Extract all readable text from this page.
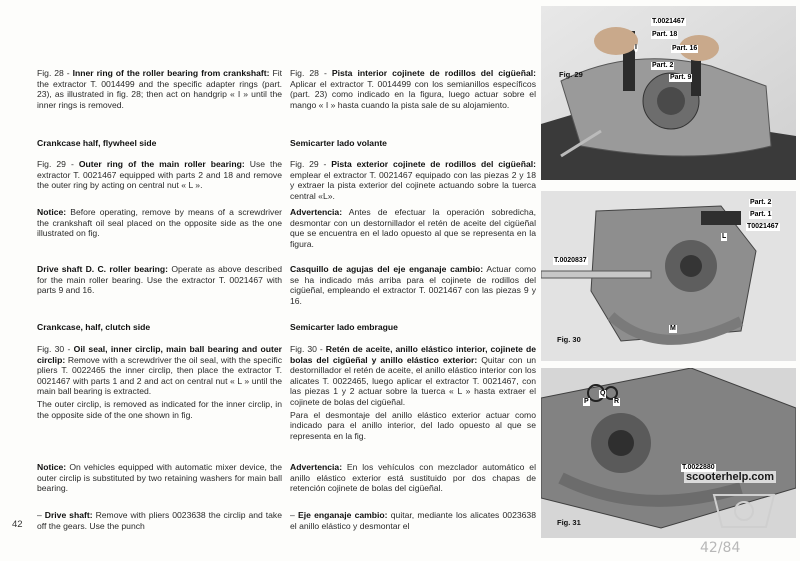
Fig. 28 - Inner ring of the roller bearing from crankshaft: Fit the extractor T. 0014499 and the specific adapter rings (part. 23), as illustrated in fig. 28; then act on handgrip « I » until the inner rings is removed.

Crankcase half, flywheel side

Fig. 29 - Outer ring of the main roller bearing: Use the extractor T. 0021467 equipped with parts 2 and 18 and remove the outer ring by acting on central nut « L ».

Notice: Before operating, remove by means of a screwdriver the crankshaft oil seal placed on the opposite side as the one illustrated on fig.

Drive shaft D. C. roller bearing: Operate as above described for the main roller bearing. Use the extractor T. 0021467 with parts 9 and 16.

Crankcase, half, clutch side

Fig. 30 - Oil seal, inner circlip, main ball bearing and outer circlip: Remove with a screwdriver the oil seal, with the specific pliers T. 0022465 the inner circlip, then place the extractor T. 0021467 with parts 1 and 2 and act on central nut « L » until the main ball bearing is extracted.

The outer circlip, is removed as indicated for the inner circlip, in the opposite side of the one shown in fig.

Notice: On vehicles equipped with automatic mixer device, the outer circlip is substituted by two retaining washers for main ball bearing.

– Drive shaft: Remove with pliers 0023638 the circlip and take off the gears. Use the punch

Fig. 28 - Pista interior cojinete de rodillos del cigüeñal: Aplicar el extractor T. 0014499 con los semianillos específicos (part. 23) como indicado en la figura, luego actuar sobre el mango « I » hasta cuando la pista sale de su alojamiento.

Semicarter lado volante

Fig. 29 - Pista exterior cojinete de rodillos del cigüeñal: emplear el extractor T. 0021467 equipado con las piezas 2 y 18 y extraer la pista exterior del cojinete actuando sobre la tuerca central «L».

Advertencia: Antes de efectuar la operación sobredicha, desmontar con un destornillador el retén de aceite del cigüeñal que se encuentra en el lado opuesto al que se representa en la figura.

Casquillo de agujas del eje enganaje cambio: Actuar como se ha indicado más arriba para el cojinete de rodillos del cigüeñal, empleando el extractor T. 0021467 con las piezas 9 y 16.

Semicarter lado embrague

Fig. 30 - Retén de aceite, anillo elástico interior, cojinete de bolas del cigüeñal y anillo elástico exterior: Quitar con un destornillador el retén de aceite, el anillo elástico interior con los alicates T. 0022465, luego aplicar el extractor T. 0021467, con las piezas 1 y 2 actuar sobre la tuerca « L » hasta extraer el cojinete de bolas del cigüeñal.

Para el desmontaje del anillo elástico exterior actuar como indicado para el anillo interior, del lado opuesto al que se representa en la fig.

Advertencia: En los vehículos con mezclador automático el anillo elástico exterior está sustituido por dos chapas de retención cojinete de bolas del cigüeñal.

– Eje enganaje cambio: quitar, mediante los alicates 0023638 el anillo elástico y desmontar el

42
Fig. 29
T.0021467
Part. 18
Part. 16
Part. 2
Part. 9
I
Part. 2
Part. 1
T0021467
T.0020837
L
M
Fig. 30
P
Q
R
T.0022880
Fig. 31
scooterhelp.com
42/84
